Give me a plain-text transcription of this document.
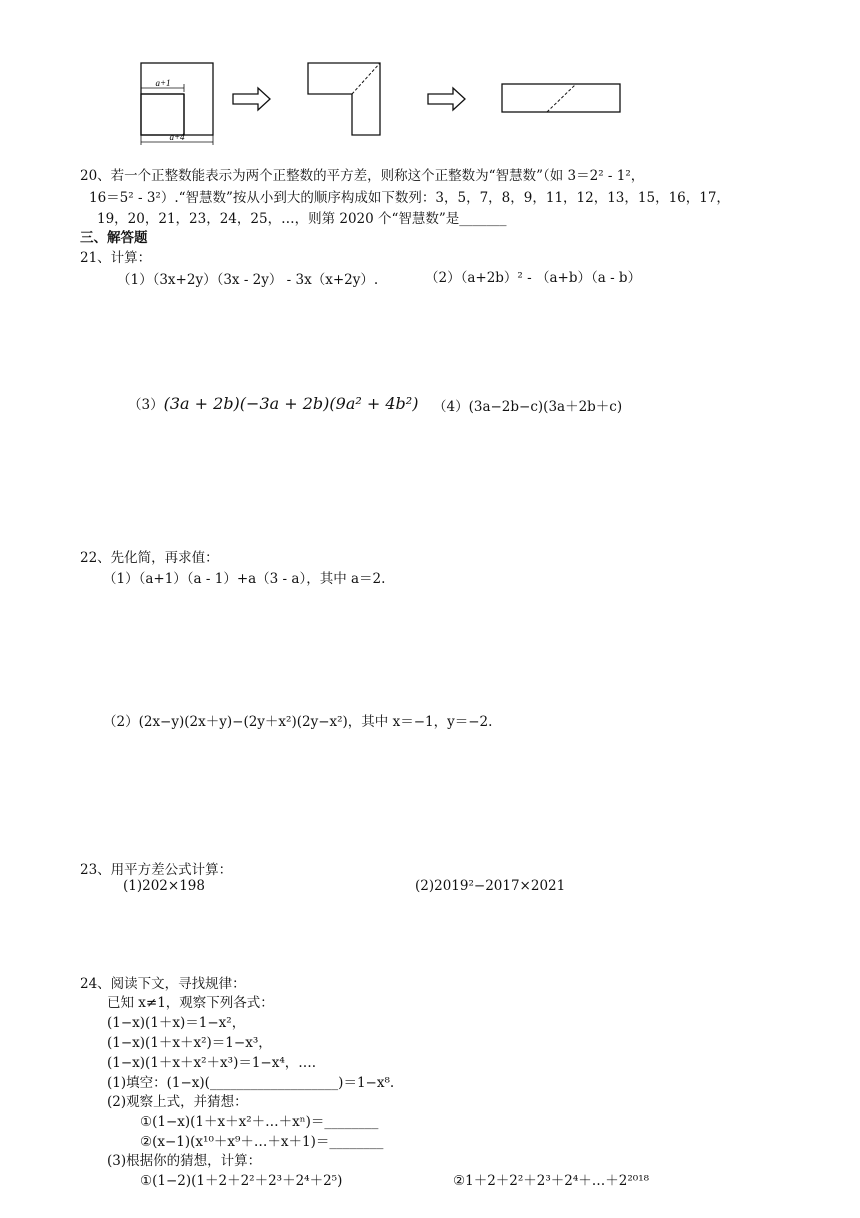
a+1
a+4
20、若一个正整数能表示为两个正整数的平方差，则称这个正整数为“智慧数”（如 3＝2² - 1²，
16＝5² - 3²）.“智慧数”按从小到大的顺序构成如下数列：3，5，7，8，9，11，12，13，15，16，17，
19，20，21，23，24，25，…，则第 2020 个“智慧数”是_______
三、解答题
21、计算：
（1）（3x+2y）（3x - 2y） - 3x（x+2y）.	（2）（a+2b）² - （a+b）（a - b）
（3）(3a + 2b)(−3a + 2b)(9a² + 4b²) （4）(3a−2b−c)(3a＋2b＋c)
22、先化简，再求值：
（1）（a+1）（a - 1）+a（3 - a），其中 a＝2.
（2）(2x−y)(2x＋y)−(2y＋x²)(2y−x²)，其中 x＝−1，y＝−2.
23、用平方差公式计算：
(1)202×198	(2)2019²−2017×2021
24、阅读下文，寻找规律：
已知 x≠1，观察下列各式：
(1−x)(1＋x)＝1−x²，
(1−x)(1＋x＋x²)＝1−x³，
(1−x)(1＋x＋x²＋x³)＝1−x⁴，….
(1)填空：(1−x)(___________________)＝1−x⁸.
(2)观察上式，并猜想：
①(1−x)(1＋x＋x²＋…＋xⁿ)＝________
②(x−1)(x¹⁰＋x⁹＋…＋x＋1)＝________
(3)根据你的猜想，计算：
①(1−2)(1＋2＋2²＋2³＋2⁴＋2⁵)	②1＋2＋2²＋2³＋2⁴＋…＋2²⁰¹⁸
